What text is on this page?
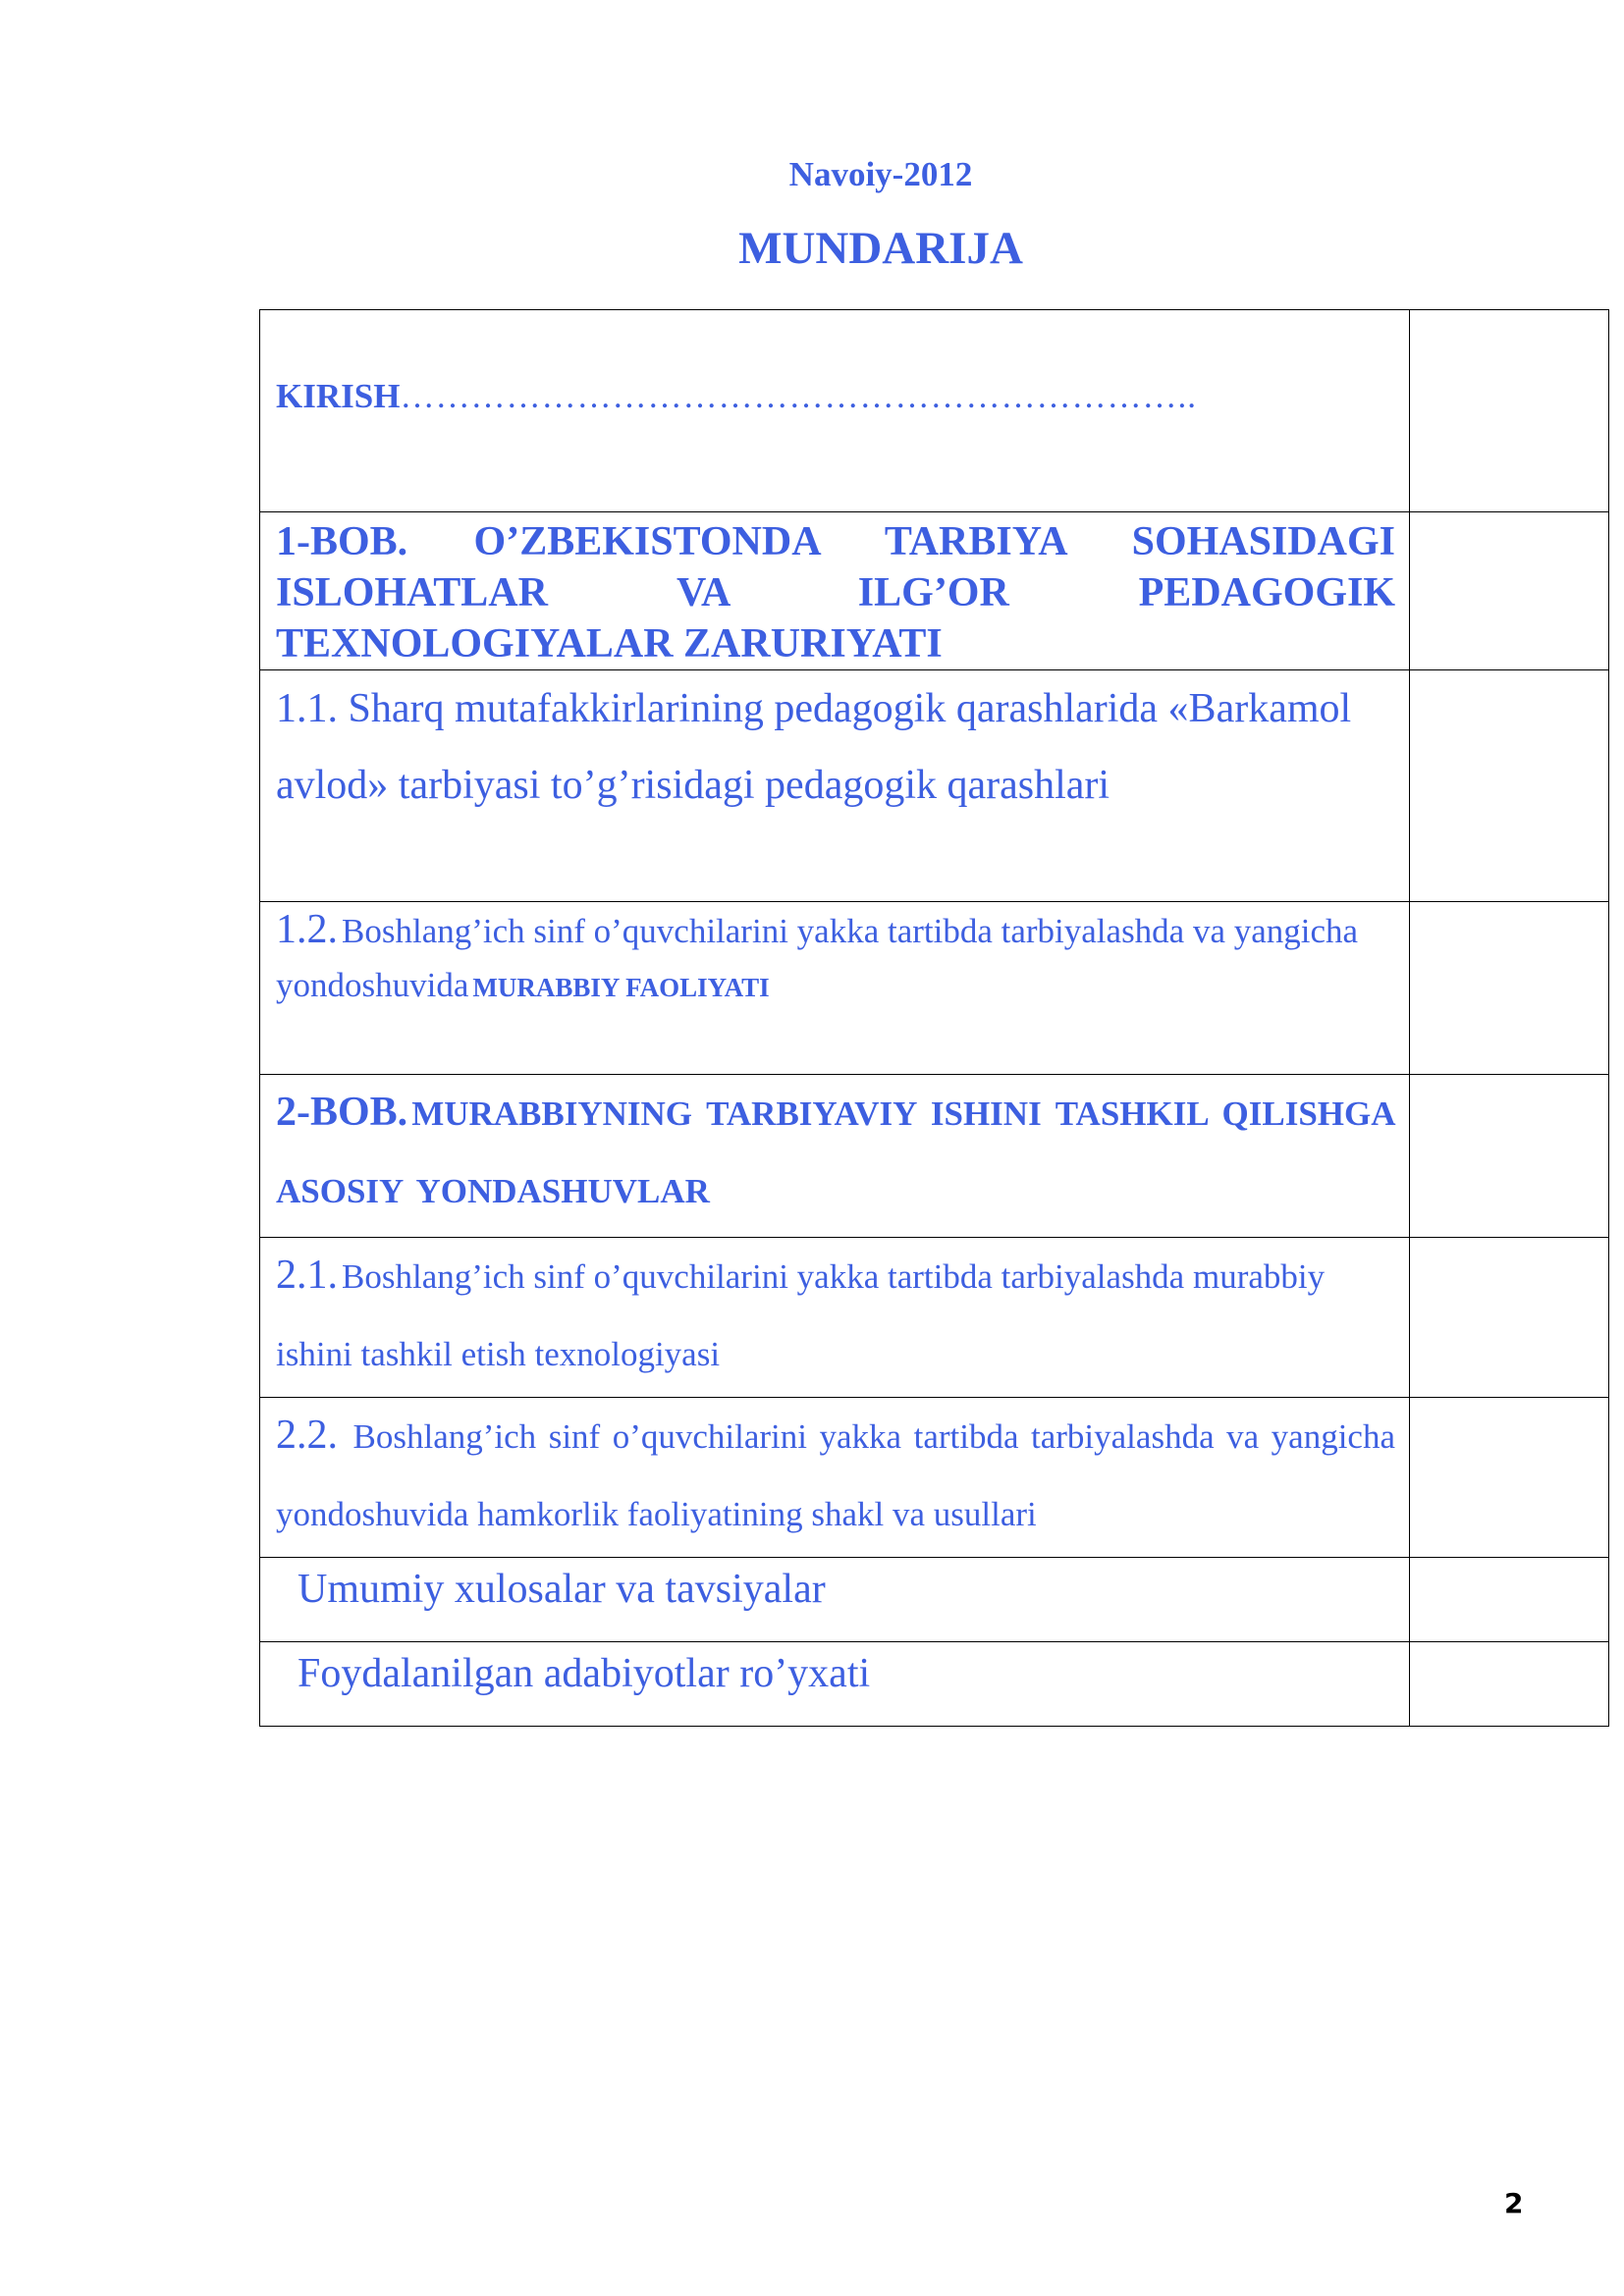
Navoiy-2012
MUNDARIJA
KIRISH…………………………………………………………..	

1-BOB. O’ZBEKISTONDA TARBIYA SOHASIDAGI ISLOHATLAR VA ILG’OR PEDAGOGIK TEXNOLOGIYALAR ZARURIYATI	

1.1. Sharq mutafakkirlarining pedagogik qarashlarida «Barkamol avlod» tarbiyasi to’g’risidagi pedagogik qarashlari	

1.2. Boshlang’ich sinf o’quvchilarini yakka tartibda tarbiyalashda va yangicha yondoshuvida MURABBIY FAOLIYATI	

2-BOB. MURABBIYNING TARBIYAVIY ISHINI TASHKIL QILISHGA ASOSIY YONDASHUVLAR	

2.1. Boshlang’ich sinf o’quvchilarini yakka tartibda tarbiyalashda murabbiy ishini tashkil etish texnologiyasi	

2.2. Boshlang’ich sinf o’quvchilarini yakka tartibda tarbiyalashda va yangicha yondoshuvida hamkorlik faoliyatining shakl va usullari	

Umumiy xulosalar va tavsiyalar	

Foydalanilgan adabiyotlar ro’yxati	

2
